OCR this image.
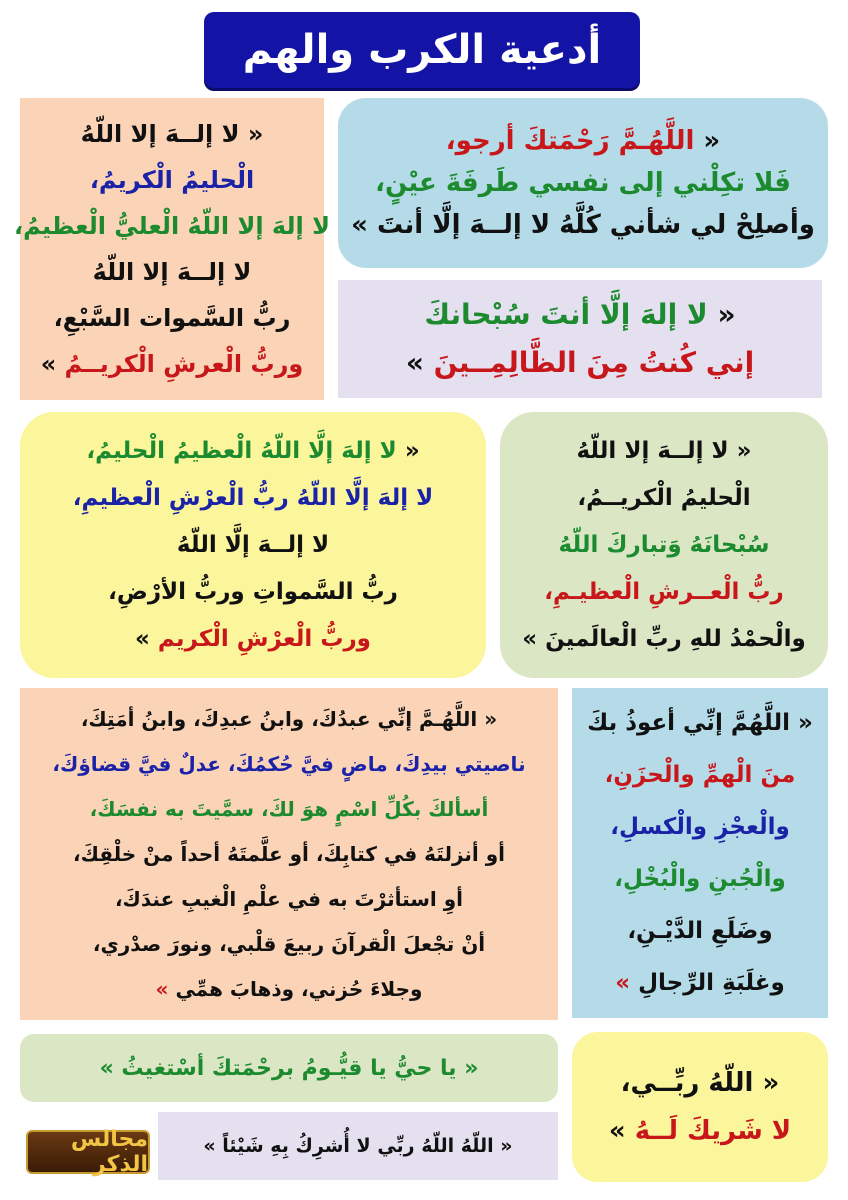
أدعية الكرب والهم
« اللَّهُـمَّ رَحْمَتكَ أرجو،
فَلا تكِلْني إلى نفسي طَرفَةَ عيْنٍ،
وأصلِحْ لي شأني كُلَّهُ لا إلــهَ إلَّا أنتَ »
« لا إلهَ إلَّا أنتَ سُبْحانكَ
إني كُنتُ مِنَ الظَّالِمِــينَ »
« لا إلــهَ إلا اللّهُ
الْحليمُ الْكريمُ،
لا إلهَ إلا اللّهُ الْعليُّ الْعظيمُ،
لا إلــهَ إلا اللّهُ
ربُّ السَّموات السَّبْعِ،
وربُّ الْعرشِ الْكريــمُ »
« لا إلهَ إلَّا اللّهُ الْعظيمُ الْحليمُ،
لا إلهَ إلَّا اللّهُ ربُّ الْعرْشِ الْعظيمِ،
لا إلــهَ إلَّا اللّهُ
ربُّ السَّمواتِ وربُّ الأرْضِ،
وربُّ الْعرْشِ الْكريم »
« لا إلــهَ إلا اللّهُ
الْحليمُ الْكريــمُ،
سُبْحانَهُ وَتباركَ اللّهُ
ربُّ الْعــرشِ الْعظيـمِ،
والْحمْدُ للهِ ربِّ الْعالَمينَ »
« اللَّهُـمَّ إنِّي عبدُكَ، وابنُ عبدِكَ، وابنُ أمَتِكَ،
ناصيتي بيدِكَ، ماضٍ فيَّ حُكمُكَ، عدلٌ فيَّ قضاؤكَ،
أسألكَ بكُلِّ اسْمٍ هوَ لكَ، سمَّيتَ به نفسَكَ،
أو أنزلتَهُ في كتابِكَ، أو علَّمتَهُ أحداً منْ خلْقِكَ،
أوِ استأثرْتَ به في علْمِ الْغيبِ عندَكَ،
أنْ تجْعلَ الْقرآنَ ربيعَ قلْبي، ونورَ صدْري،
وجلاءَ حُزني، وذهابَ همِّي »
« اللَّهُمَّ إنِّي أعوذُ بكَ
منَ الْهمِّ والْحزَنِ،
والْعجْزِ والْكسلِ،
والْجُبنِ والْبُخْلِ،
وضَلَعِ الدَّيْـنِ،
وغلَبَةِ الرِّجالِ »
« يا حيُّ يا قيُّـومُ برحْمَتكَ أسْتغيثُ »
« اللّهُ اللّهُ ربِّي لا أُشرِكُ بِهِ شَيْئاً »
« اللّهُ ربِّــي،
لا شَريكَ لَــهُ »
مجالس الذكر
